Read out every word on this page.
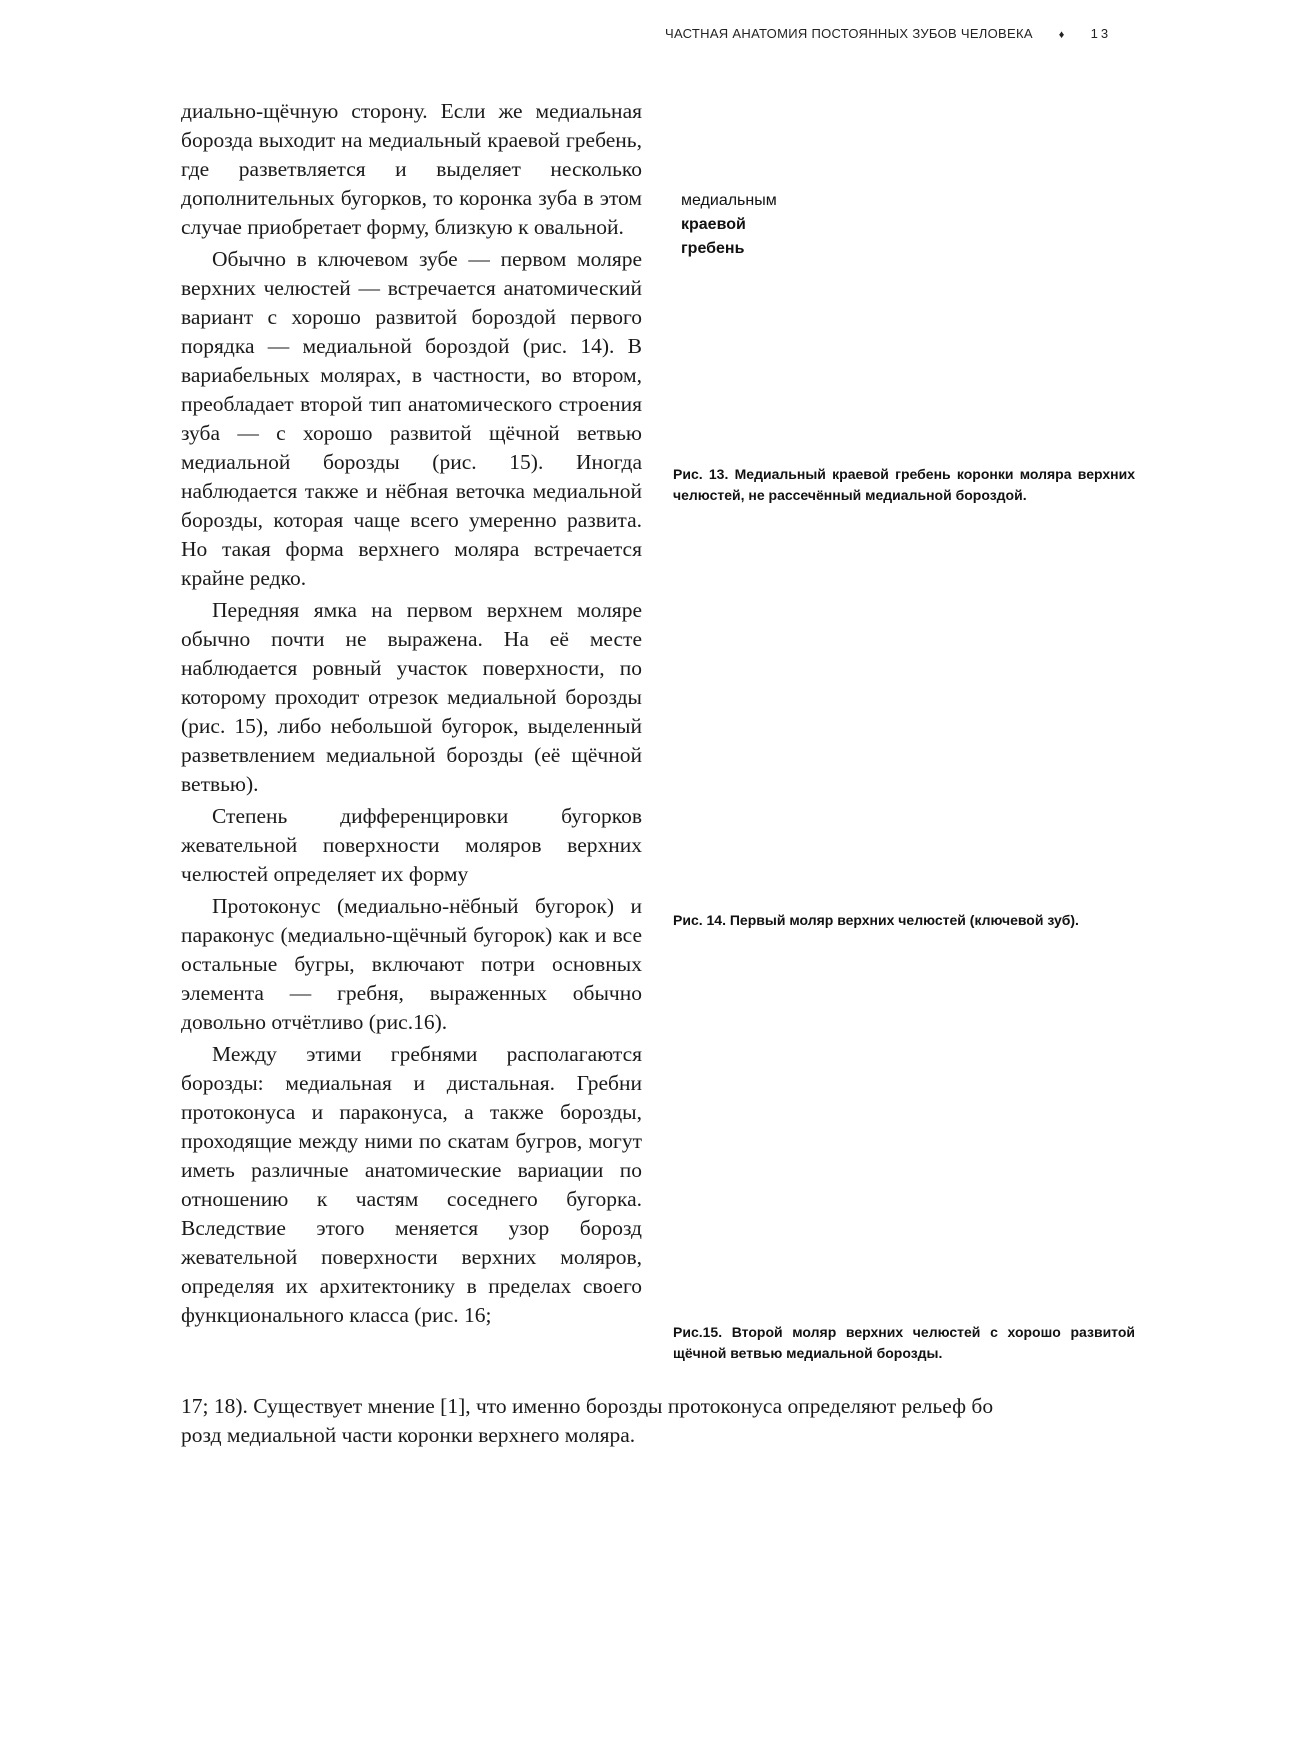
ЧАСТНАЯ АНАТОМИЯ ПОСТОЯННЫХ ЗУБОВ ЧЕЛОВЕКА ♦ 13

диально-щёчную сторону. Если же медиальная борозда выходит на медиальный краевой гребень, где разветвляется и выделяет несколько дополнительных бугорков, то коронка зуба в этом случае приобретает форму, близкую к овальной.

Обычно в ключевом зубе — первом моляре верхних челюстей — встречается анатомический вариант с хорошо развитой бороздой первого порядка — медиальной бороздой (рис. 14). В вариабельных молярах, в частности, во втором, преобладает второй тип анатомического строения зуба — с хорошо развитой щёчной ветвью медиальной борозды (рис. 15). Иногда наблюдается также и нёбная веточка медиальной борозды, которая чаще всего умеренно развита. Но такая форма верхнего моляра встречается крайне редко.

Передняя ямка на первом верхнем моляре обычно почти не выражена. На её месте наблюдается ровный участок поверхности, по которому проходит отрезок медиальной борозды (рис. 15), либо небольшой бугорок, выделенный разветвлением медиальной борозды (её щёчной ветвью).

Степень дифференцировки бугорков жевательной поверхности моляров верхних челюстей определяет их форму

Протоконус (медиально-нёбный бугорок) и параконус (медиально-щёчный бугорок) как и все остальные бугры, включают потри основных элемента — гребня, выраженных обычно довольно отчётливо (рис.16).

Между этими гребнями располагаются борозды: медиальная и дистальная. Гребни протоконуса и параконуса, а также борозды, проходящие между ними по скатам бугров, могут иметь различные анатомические вариации по отношению к частям соседнего бугорка. Вследствие этого меняется узор борозд жевательной поверхности верхних моляров, определяя их архитектонику в пределах своего функционального класса (рис. 16;

17; 18). Существует мнение [1], что именно борозды протоконуса определяют рельеф бо
розд медиальной части коронки верхнего моляра.
медиальным
краевой
гребень
Рис. 13. Медиальный краевой гребень коронки моляра верхних челюстей, не рассечённый медиальной бороздой.
Рис. 14. Первый моляр верхних челюстей (ключевой зуб).
Рис.15. Второй моляр верхних челюстей с хорошо развитой щёчной ветвью медиальной борозды.
